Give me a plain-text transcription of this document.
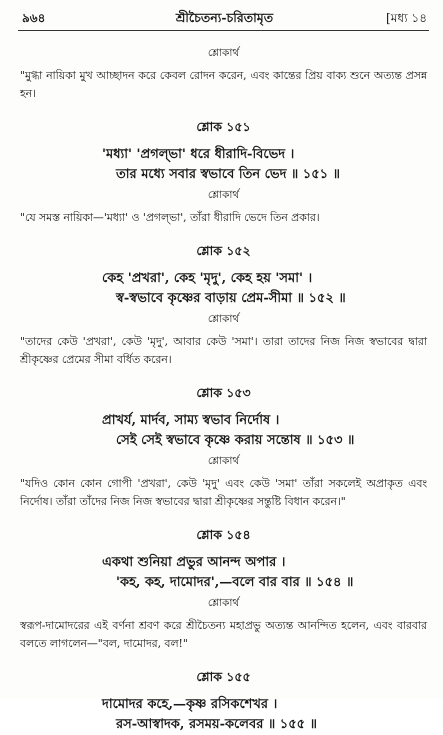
৯৬৪	শ্রীচৈতন্য-চরিতামৃত	[মধ্য ১৪
শ্লোকার্থ
"মুগ্ধা নায়িকা মুখ আচ্ছাদন করে কেবল রোদন করেন, এবং কান্তের প্রিয় বাক্য শুনে অত্যন্ত প্রসন্ন হন।
শ্লোক ১৫১
'মধ্যা' 'প্রগল্‌ভা' ধরে ধীরাদি-বিভেদ ।
তার মধ্যে সবার স্বভাবে তিন ভেদ ॥ ১৫১ ॥
শ্লোকার্থ
"যে সমস্ত নায়িকা—'মধ্যা' ও 'প্রগল্‌ভা', তাঁরা ধীরাদি ভেদে তিন প্রকার।
শ্লোক ১৫২
কেহ 'প্রখরা', কেহ 'মৃদু', কেহ হয় 'সমা' ।
স্ব-স্বভাবে কৃষ্ণের বাড়ায় প্রেম-সীমা ॥ ১৫২ ॥
শ্লোকার্থ
"তাদের কেউ 'প্রখরা', কেউ 'মৃদু', আবার কেউ 'সমা'। তারা তাদের নিজ নিজ স্বভাবের দ্বারা শ্রীকৃষ্ণের প্রেমের সীমা বর্ধিত করেন।
শ্লোক ১৫৩
প্রাখর্য, মার্দব, সাম্য স্বভাব নির্দোষ ।
সেই সেই স্বভাবে কৃষ্ণে করায় সন্তোষ ॥ ১৫৩ ॥
শ্লোকার্থ
"যদিও কোন কোন গোপী 'প্রখরা', কেউ 'মৃদু' এবং কেউ 'সমা' তাঁরা সকলেই অপ্রাকৃত এবং নির্দোষ। তাঁরা তাঁদের নিজ নিজ স্বভাবের দ্বারা শ্রীকৃষ্ণের সন্তুষ্টি বিধান করেন।"
শ্লোক ১৫৪
একথা শুনিয়া প্রভুর আনন্দ অপার ।
'কহ, কহ, দামোদর',—বলে বার বার ॥ ১৫৪ ॥
শ্লোকার্থ
স্বরূপ-দামোদরের এই বর্ণনা শ্রবণ করে শ্রীচৈতন্য মহাপ্রভু অত্যন্ত আনন্দিত হলেন, এবং বারবার বলতে লাগলেন—"বল, দামোদর, বল!"
শ্লোক ১৫৫
দামোদর কহে,—কৃষ্ণ রসিকশেখর ।
রস-আস্বাদক, রসময়-কলেবর ॥ ১৫৫ ॥
